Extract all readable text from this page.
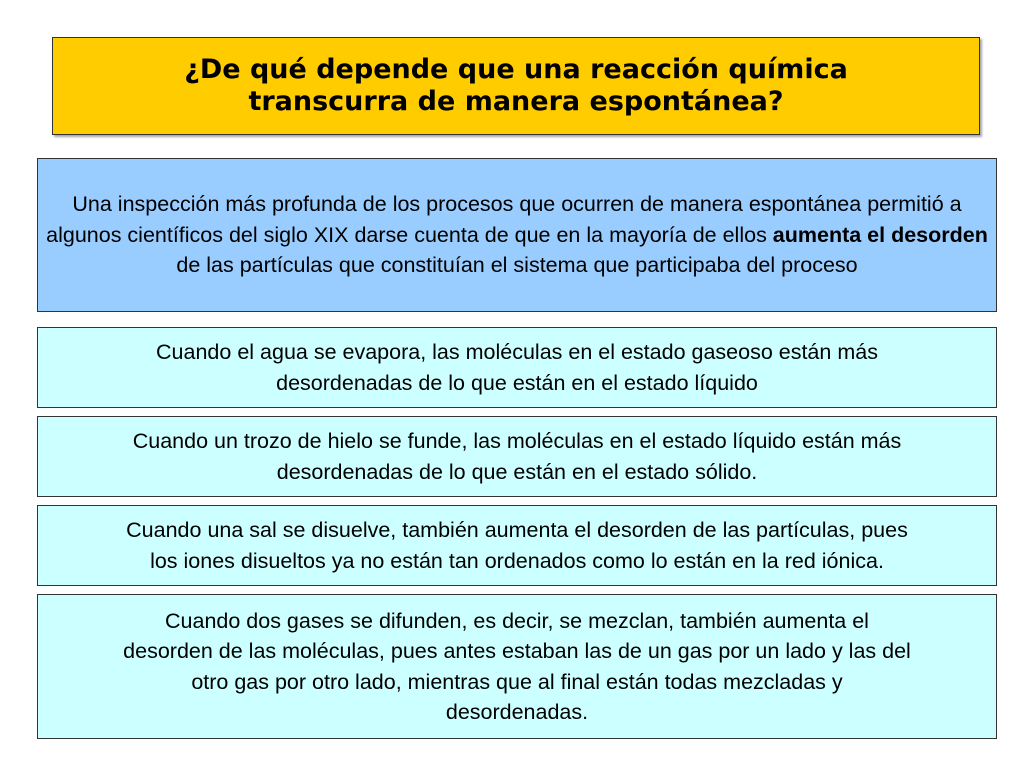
¿De qué depende que una reacción química
transcurra de manera espontánea?
Una inspección más profunda de los procesos que ocurren de manera espontánea permitió a algunos científicos del siglo XIX darse cuenta de que en la mayoría de ellos aumenta el desorden de las partículas que constituían el sistema que participaba del proceso
Cuando el agua se evapora, las moléculas en el estado gaseoso están más
desordenadas de lo que están en el estado líquido
Cuando un trozo de hielo se funde, las moléculas en el estado líquido están más
desordenadas de lo que están en el estado sólido.
Cuando una sal se disuelve, también aumenta el desorden de las partículas, pues
los iones disueltos ya no están tan ordenados como lo están en la red iónica.
Cuando dos gases se difunden, es decir, se mezclan, también aumenta el
desorden de las moléculas, pues antes estaban las de un gas por un lado y las del
otro gas por otro lado, mientras que al final están todas mezcladas y
desordenadas.
